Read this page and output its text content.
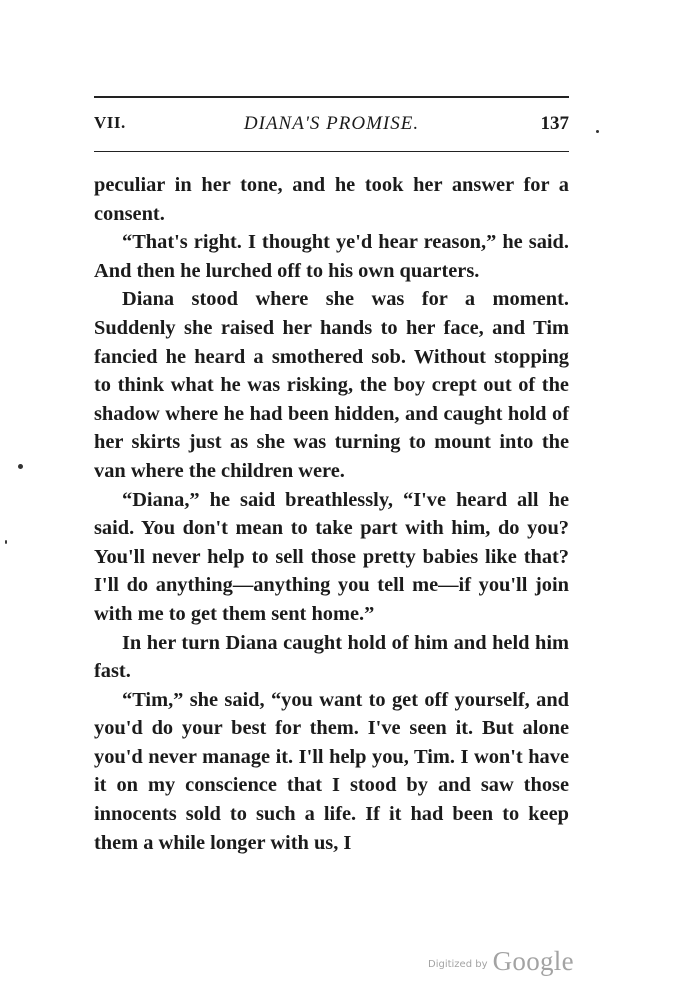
VII.	DIANA'S PROMISE.	137

peculiar in her tone, and he took her answer for a consent.

“That's right. I thought ye'd hear reason,” he said. And then he lurched off to his own quarters.

Diana stood where she was for a moment. Suddenly she raised her hands to her face, and Tim fancied he heard a smothered sob. Without stopping to think what he was risking, the boy crept out of the shadow where he had been hidden, and caught hold of her skirts just as she was turning to mount into the van where the children were.

“Diana,” he said breathlessly, “I've heard all he said. You don't mean to take part with him, do you? You'll never help to sell those pretty babies like that? I'll do anything—anything you tell me—if you'll join with me to get them sent home.”

In her turn Diana caught hold of him and held him fast.

“Tim,” she said, “you want to get off yourself, and you'd do your best for them. I've seen it. But alone you'd never manage it. I'll help you, Tim. I won't have it on my conscience that I stood by and saw those innocents sold to such a life. If it had been to keep them a while longer with us, I

Digitized by Google
